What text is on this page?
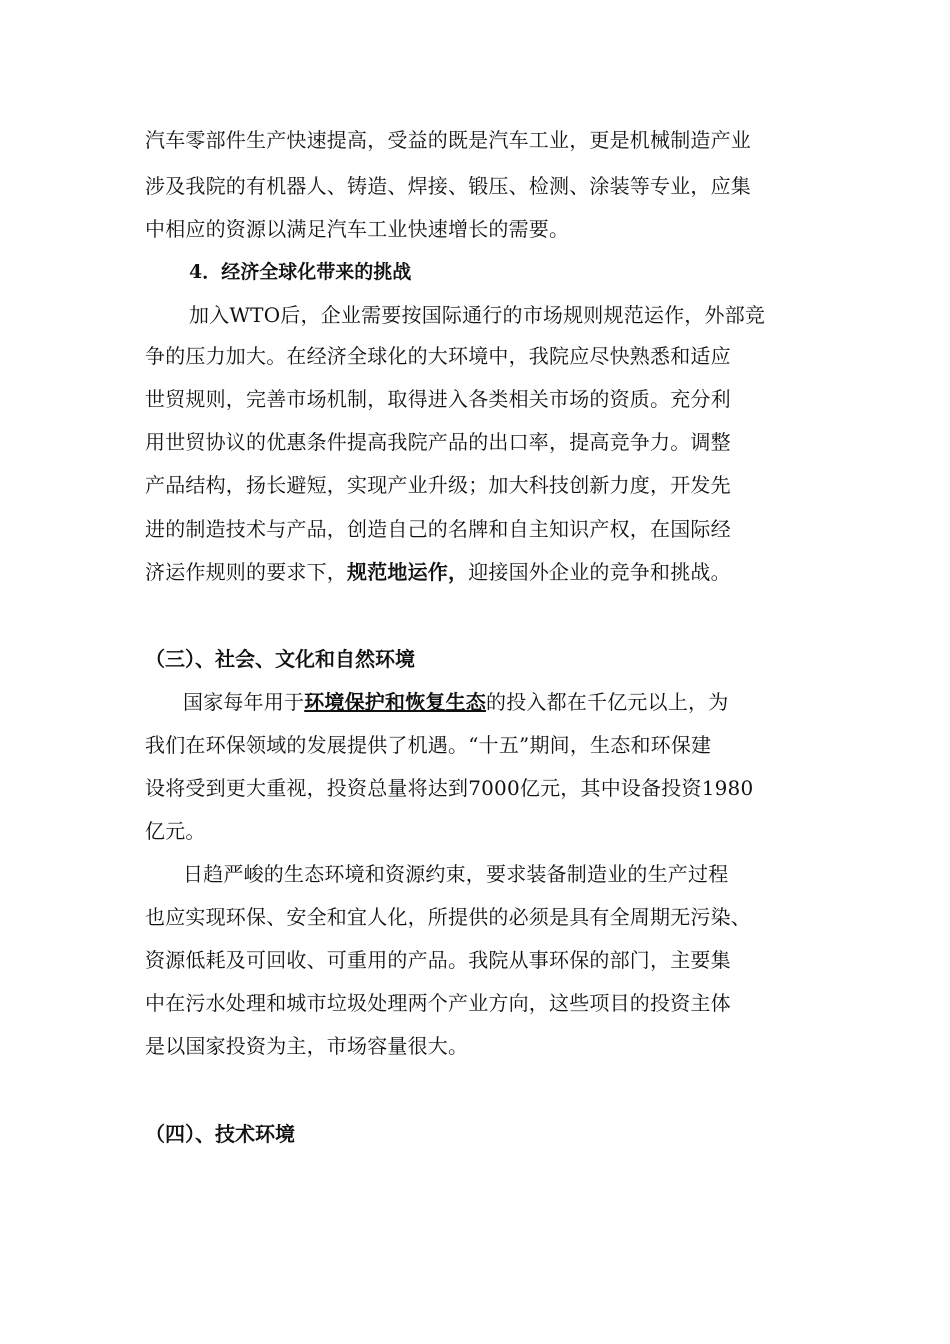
汽车零部件生产快速提高，受益的既是汽车工业，更是机械制造产业
涉及我院的有机器人、铸造、焊接、锻压、检测、涂装等专业，应集
中相应的资源以满足汽车工业快速增长的需要。
4．经济全球化带来的挑战
加入WTO后，企业需要按国际通行的市场规则规范运作，外部竞
争的压力加大。在经济全球化的大环境中，我院应尽快熟悉和适应
世贸规则，完善市场机制，取得进入各类相关市场的资质。充分利
用世贸协议的优惠条件提高我院产品的出口率，提高竞争力。调整
产品结构，扬长避短，实现产业升级；加大科技创新力度，开发先
进的制造技术与产品，创造自己的名牌和自主知识产权，在国际经
济运作规则的要求下，规范地运作，迎接国外企业的竞争和挑战。
（三）、社会、文化和自然环境
国家每年用于环境保护和恢复生态的投入都在千亿元以上，为
我们在环保领域的发展提供了机遇。“十五”期间，生态和环保建
设将受到更大重视，投资总量将达到7000亿元，其中设备投资1980
亿元。
日趋严峻的生态环境和资源约束，要求装备制造业的生产过程
也应实现环保、安全和宜人化，所提供的必须是具有全周期无污染、
资源低耗及可回收、可重用的产品。我院从事环保的部门，主要集
中在污水处理和城市垃圾处理两个产业方向，这些项目的投资主体
是以国家投资为主，市场容量很大。
（四）、技术环境
